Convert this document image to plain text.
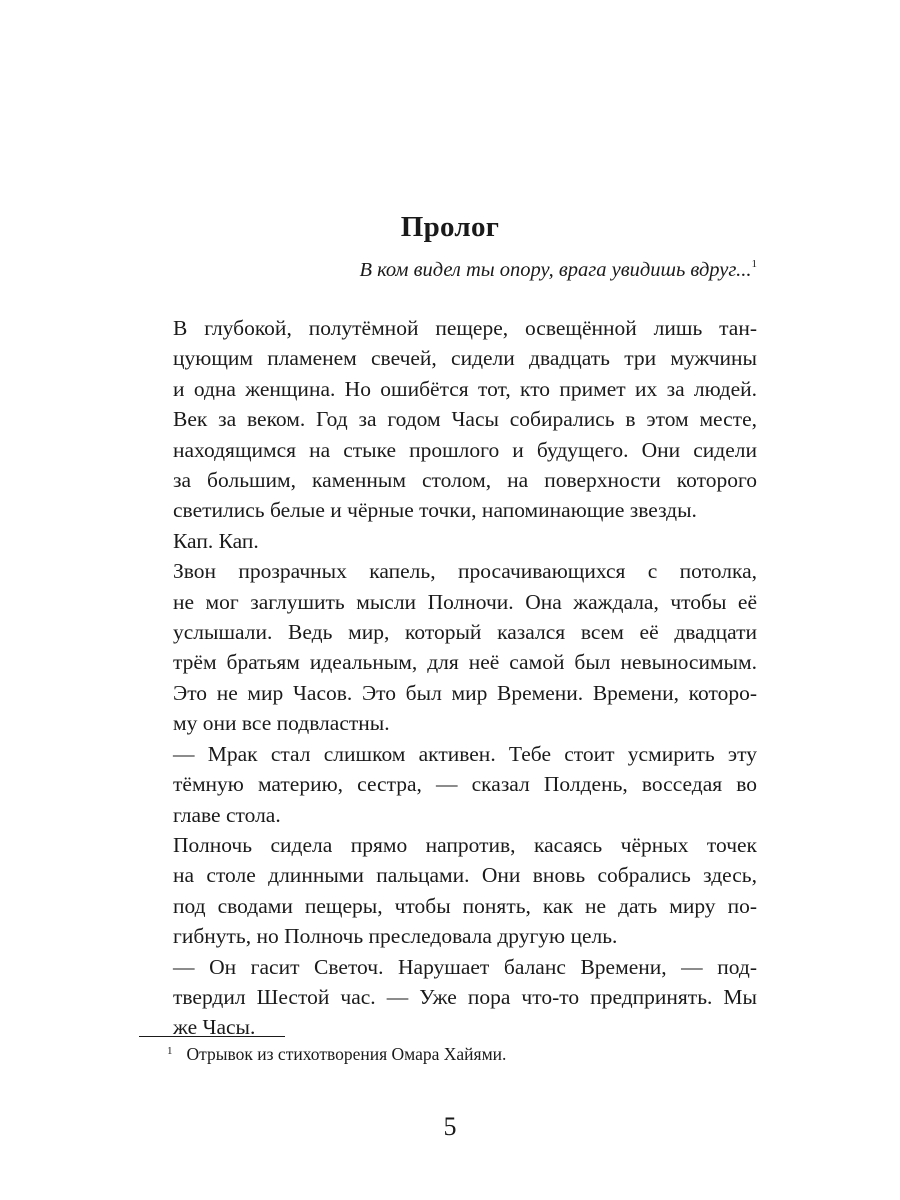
Пролог
В ком видел ты опору, врага увидишь вдруг...$^1$

В глубокой, полутёмной пещере, освещённой лишь тан-
цующим пламенем свечей, сидели двадцать три мужчины
и одна женщина. Но ошибётся тот, кто примет их за людей.
Век за веком. Год за годом Часы собирались в этом месте,
находящимся на стыке прошлого и будущего. Они сидели
за большим, каменным столом, на поверхности которого
светились белые и чёрные точки, напоминающие звезды.

Кап. Кап.

Звон прозрачных капель, просачивающихся с потолка,
не мог заглушить мысли Полночи. Она жаждала, чтобы её
услышали. Ведь мир, который казался всем её двадцати
трём братьям идеальным, для неё самой был невыносимым.
Это не мир Часов. Это был мир Времени. Времени, которо-
му они все подвластны.

— Мрак стал слишком активен. Тебе стоит усмирить эту
тёмную материю, сестра, — сказал Полдень, восседая во
главе стола.

Полночь сидела прямо напротив, касаясь чёрных точек
на столе длинными пальцами. Они вновь собрались здесь,
под сводами пещеры, чтобы понять, как не дать миру по-
гибнуть, но Полночь преследовала другую цель.

— Он гасит Светоч. Нарушает баланс Времени, — под-
твердил Шестой час. — Уже пора что-то предпринять. Мы
же Часы.

$^1$ Отрывок из стихотворения Омара Хайями.
5
